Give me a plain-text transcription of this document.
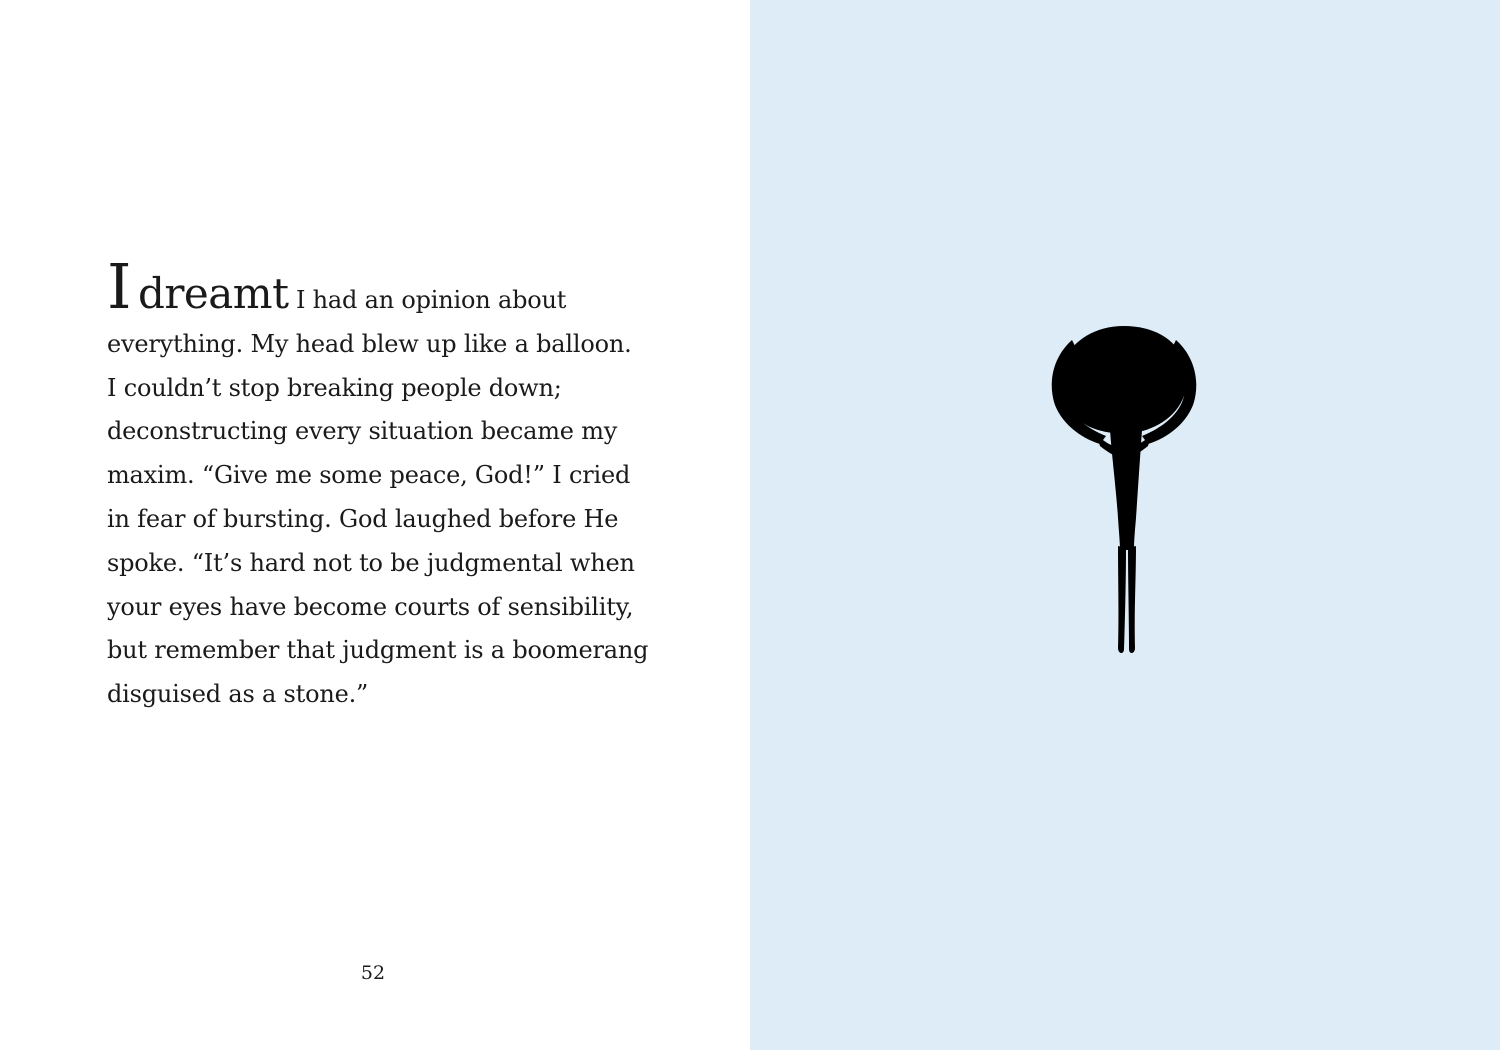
I dreamt I had an opinion about
everything. My head blew up like a balloon.
I couldn’t stop breaking people down;
deconstructing every situation became my
maxim. “Give me some peace, God!” I cried
in fear of bursting. God laughed before He
spoke. “It’s hard not to be judgmental when
your eyes have become courts of sensibility,
but remember that judgment is a boomerang
disguised as a stone.”

52
